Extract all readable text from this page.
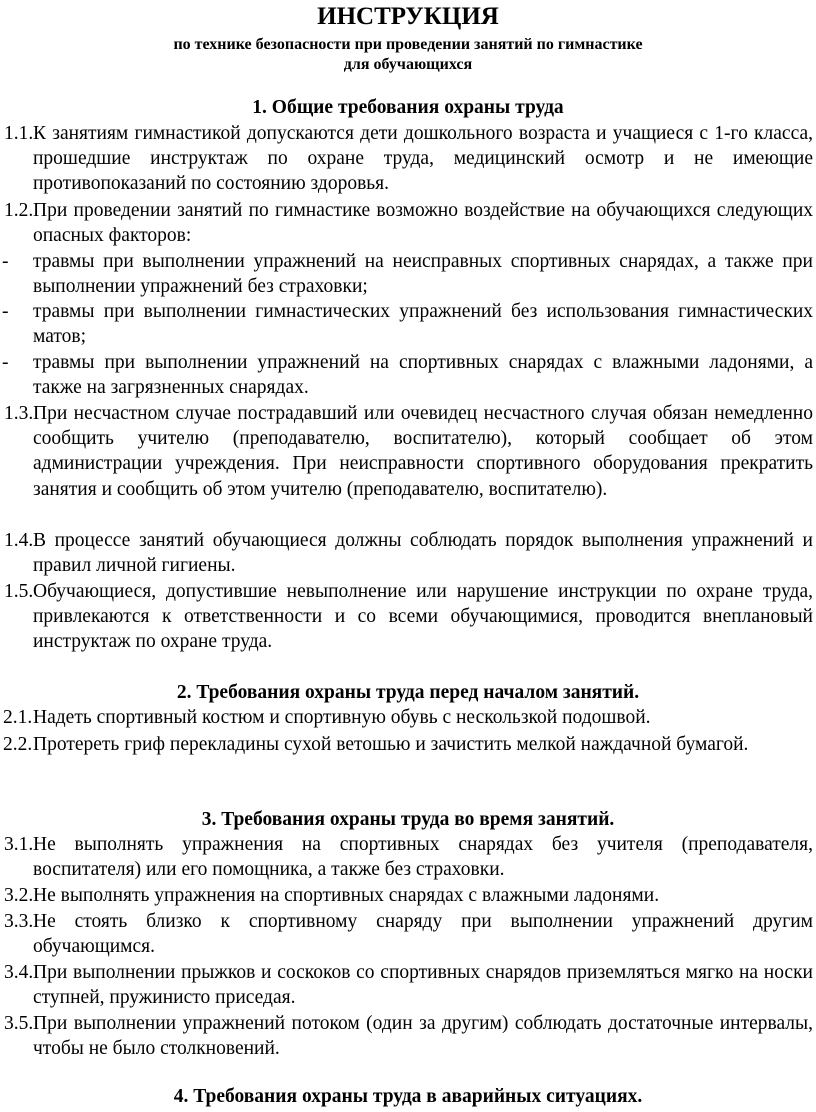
ИНСТРУКЦИЯ

по технике безопасности при проведении занятий по гимнастике

для обучающихся

1. Общие требования охраны труда
1.1. К занятиям гимнастикой допускаются дети дошкольного возраста и учащиеся с 1-го класса, прошедшие инструктаж по охране труда, медицинский осмотр и не имеющие противопоказаний по состоянию здоровья.
1.2. При проведении занятий по гимнастике возможно воздействие на обучающихся следующих опасных факторов:
- травмы при выполнении упражнений на неисправных спортивных снарядах, а также при выполнении упражнений без страховки;
- травмы при выполнении гимнастических упражнений без использования гимнастических матов;
- травмы при выполнении упражнений на спортивных снарядах с влажными ладонями, а также на загрязненных снарядах.
1.3. При несчастном случае пострадавший или очевидец несчастного случая обязан немедленно сообщить учителю (преподавателю, воспитателю), который сообщает об этом администрации учреждения. При неисправности спортивного оборудования прекратить занятия и сообщить об этом учителю (преподавателю, воспитателю).
1.4. В процессе занятий обучающиеся должны соблюдать порядок выполнения упражнений и правил личной гигиены.
1.5. Обучающиеся, допустившие невыполнение или нарушение инструкции по охране труда, привлекаются к ответственности и со всеми обучающимися, проводится внеплановый инструктаж по охране труда.
2. Требования охраны труда перед началом занятий.
2.1. Надеть спортивный костюм и спортивную обувь с нескользкой подошвой.
2.2. Протереть гриф перекладины сухой ветошью и зачистить мелкой наждачной бумагой.
3. Требования охраны труда во время занятий.
3.1. Не выполнять упражнения на спортивных снарядах без учителя (преподавателя, воспитателя) или его помощника, а также без страховки.
3.2. Не выполнять упражнения на спортивных снарядах с влажными ладонями.
3.3. Не стоять близко к спортивному снаряду при выполнении упражнений другим обучающимся.
3.4. При выполнении прыжков и соскоков со спортивных снарядов приземляться мягко на носки ступней, пружинисто приседая.
3.5. При выполнении упражнений потоком (один за другим) соблюдать достаточные интервалы, чтобы не было столкновений.
4. Требования охраны труда в аварийных ситуациях.
